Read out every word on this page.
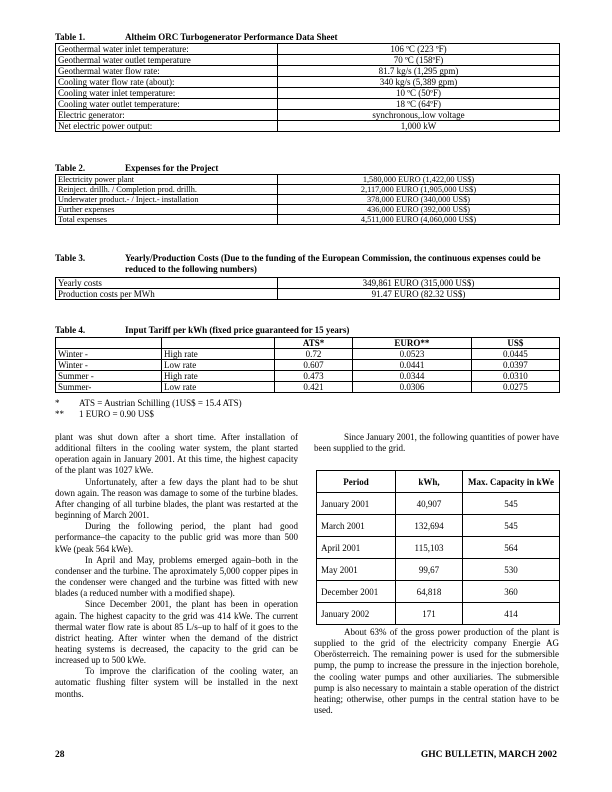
Table 1.	Altheim ORC Turbogenerator Performance Data Sheet
Geothermal water inlet temperature:	106 ºC (223 ºF)
Geothermal water outlet temperature	70 ºC (158ºF)
Geothermal water flow rate:	81.7 kg/s (1,295 gpm)
Cooling water flow rate (about):	340 kg/s (5,389 gpm)
Cooling water inlet temperature:	10 ºC (50ºF)
Cooling water outlet temperature:	18 ºC (64ºF)
Electric generator:	synchronous,.low voltage
Net electric power output:	1,000 kW
Table 2.	Expenses for the Project
Electricity power plant	1,580,000 EURO (1,422,00 US$)
Reinject. drillh. / Completion prod. drillh.	2,117,000 EURO (1,905,000 US$)
Underwater product.- / Inject.- installation	378,000 EURO (340,000 US$)
Further expenses	436,000 EURO (392,000 US$)
Total expenses	4,511,000 EURO (4,060,000 US$)
Table 3.	Yearly/Production Costs (Due to the funding of the European Commission, the continuous expenses could be reduced to the following numbers)
Yearly costs	349,861 EURO (315,000 US$)
Production costs per MWh	91.47 EURO (82.32 US$)
Table 4.	Input Tariff per kWh (fixed price guaranteed for 15 years)
		ATS*	EURO**	US$
Winter -	High rate	0.72	0.0523	0.0445
Winter -	Low rate	0.607	0.0441	0.0397
Summer -	High rate	0.473	0.0344	0.0310
Summer-	Low rate	0.421	0.0306	0.0275
* ATS = Austrian Schilling (1US$ = 15.4 ATS)
** 1 EURO = 0.90 US$

plant was shut down after a short time. After installation of additional filters in the cooling water system, the plant started operation again in January 2001. At this time, the highest capacity of the plant was 1027 kWe.

Unfortunately, after a few days the plant had to be shut down again. The reason was damage to some of the turbine blades. After changing of all turbine blades, the plant was restarted at the beginning of March 2001.

During the following period, the plant had good performance–the capacity to the public grid was more than 500 kWe (peak 564 kWe).

In April and May, problems emerged again–both in the condenser and the turbine. The aproximately 5,000 copper pipes in the condenser were changed and the turbine was fitted with new blades (a reduced number with a modified shape).

Since December 2001, the plant has been in operation again. The highest capacity to the grid was 414 kWe. The current thermal water flow rate is about 85 L/s–up to half of it goes to the district heating. After winter when the demand of the district heating systems is decreased, the capacity to the grid can be increased up to 500 kWe.

To improve the clarification of the cooling water, an automatic flushing filter system will be installed in the next months.

Since January 2001, the following quantities of power have been supplied to the grid.

Period	kWh,	Max. Capacity in kWe
January 2001	40,907	545
March 2001	132,694	545
April 2001	115,103	564
May 2001	99,67	530
December 2001	64,818	360
January 2002	171	414

About 63% of the gross power production of the plant is supplied to the grid of the electricity company Energie AG Oberösterreich. The remaining power is used for the submersible pump, the pump to increase the pressure in the injection borehole, the cooling water pumps and other auxiliaries. The submersible pump is also necessary to maintain a stable operation of the district heating; otherwise, other pumps in the central station have to be used.

28	GHC BULLETIN, MARCH 2002
